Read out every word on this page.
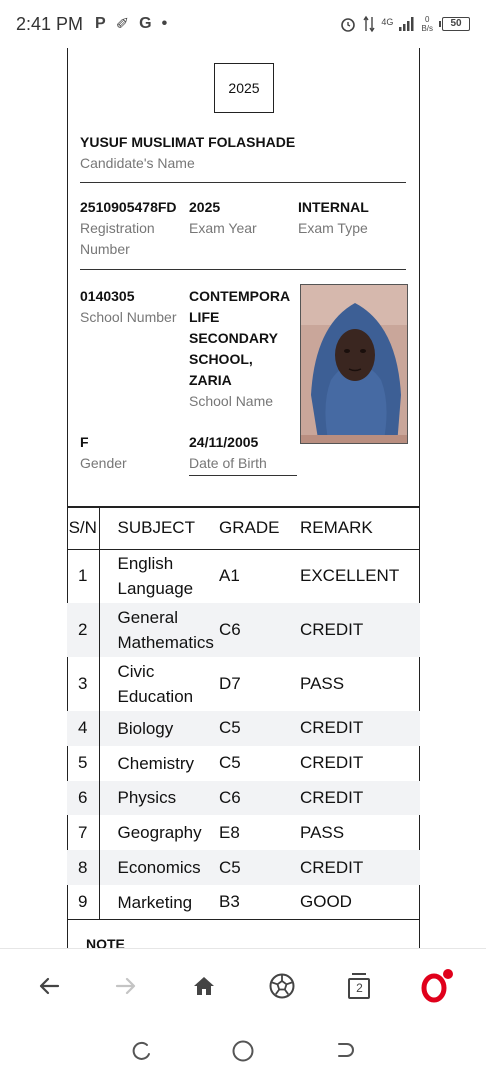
2:41 PM P ✐ G •	4G	0
B/s	50
2025
YUSUF MUSLIMAT FOLASHADE
Candidate's Name
2510905478FD
Registration
Number
2025
Exam Year
INTERNAL
Exam Type
0140305
School Number
CONTEMPORA
LIFE
SECONDARY
SCHOOL,
ZARIA
School Name
F
Gender
24/11/2005
Date of Birth
S/N	SUBJECT	GRADE	REMARK
1	English
Language	A1	EXCELLENT
2	General
Mathematics	C6	CREDIT
3	Civic
Education	D7	PASS
4	Biology	C5	CREDIT
5	Chemistry	C5	CREDIT
6	Physics	C6	CREDIT
7	Geography	E8	PASS
8	Economics	C5	CREDIT
9	Marketing	B3	GOOD

NOTE
2
